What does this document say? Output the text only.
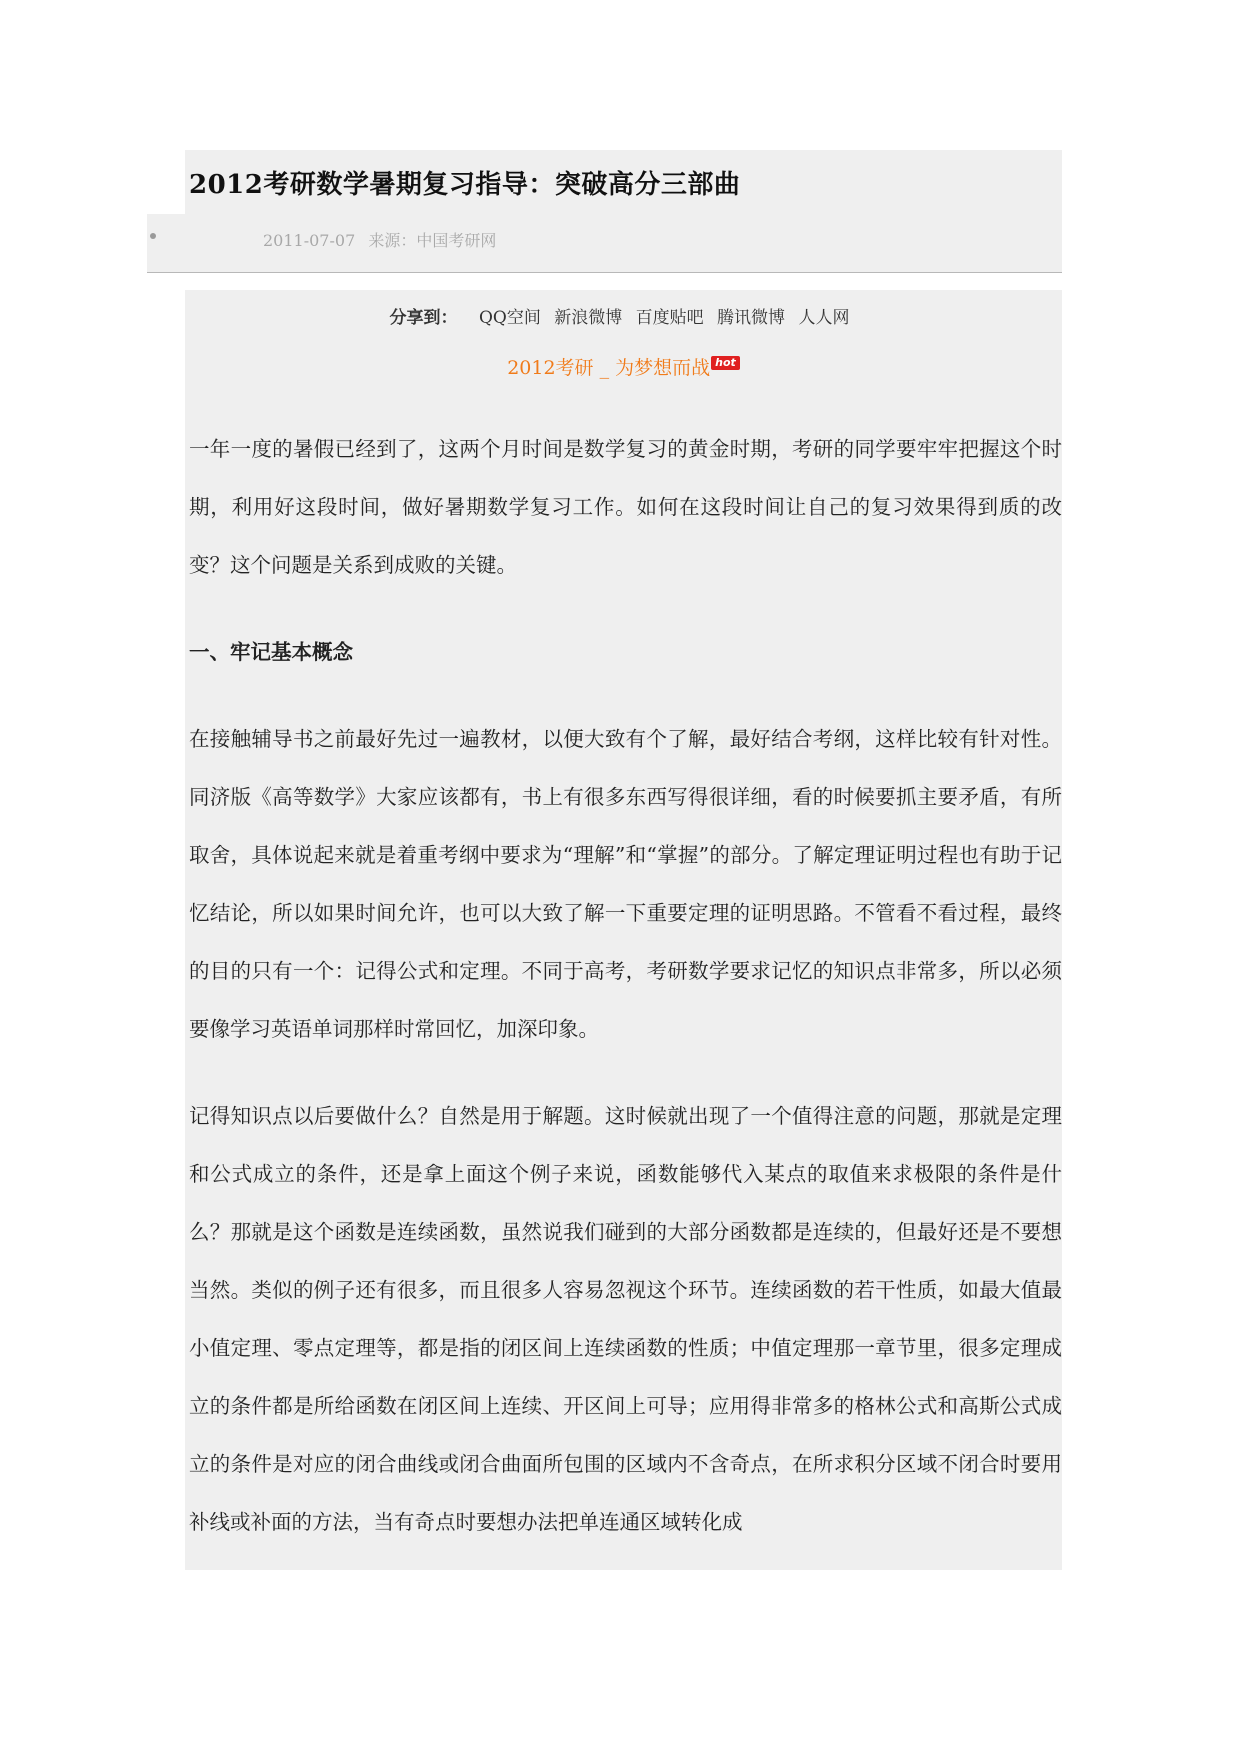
2012考研数学暑期复习指导：突破高分三部曲
2011-07-07 来源：中国考研网
分享到： QQ空间 新浪微博 百度贴吧 腾讯微博 人人网
2012考研 _ 为梦想而战 hot

一年一度的暑假已经到了，这两个月时间是数学复习的黄金时期，考研的同学要牢牢把握这个时期，利用好这段时间，做好暑期数学复习工作。如何在这段时间让自己的复习效果得到质的改变？这个问题是关系到成败的关键。

一、牢记基本概念

在接触辅导书之前最好先过一遍教材，以便大致有个了解，最好结合考纲，这样比较有针对性。同济版《高等数学》大家应该都有，书上有很多东西写得很详细，看的时候要抓主要矛盾，有所取舍，具体说起来就是着重考纲中要求为“理解”和“掌握”的部分。了解定理证明过程也有助于记忆结论，所以如果时间允许，也可以大致了解一下重要定理的证明思路。不管看不看过程，最终的目的只有一个：记得公式和定理。不同于高考，考研数学要求记忆的知识点非常多，所以必须要像学习英语单词那样时常回忆，加深印象。

记得知识点以后要做什么？自然是用于解题。这时候就出现了一个值得注意的问题，那就是定理和公式成立的条件，还是拿上面这个例子来说，函数能够代入某点的取值来求极限的条件是什么？那就是这个函数是连续函数，虽然说我们碰到的大部分函数都是连续的，但最好还是不要想当然。类似的例子还有很多，而且很多人容易忽视这个环节。连续函数的若干性质，如最大值最小值定理、零点定理等，都是指的闭区间上连续函数的性质；中值定理那一章节里，很多定理成立的条件都是所给函数在闭区间上连续、开区间上可导；应用得非常多的格林公式和高斯公式成立的条件是对应的闭合曲线或闭合曲面所包围的区域内不含奇点，在所求积分区域不闭合时要用补线或补面的方法，当有奇点时要想办法把单连通区域转化成
